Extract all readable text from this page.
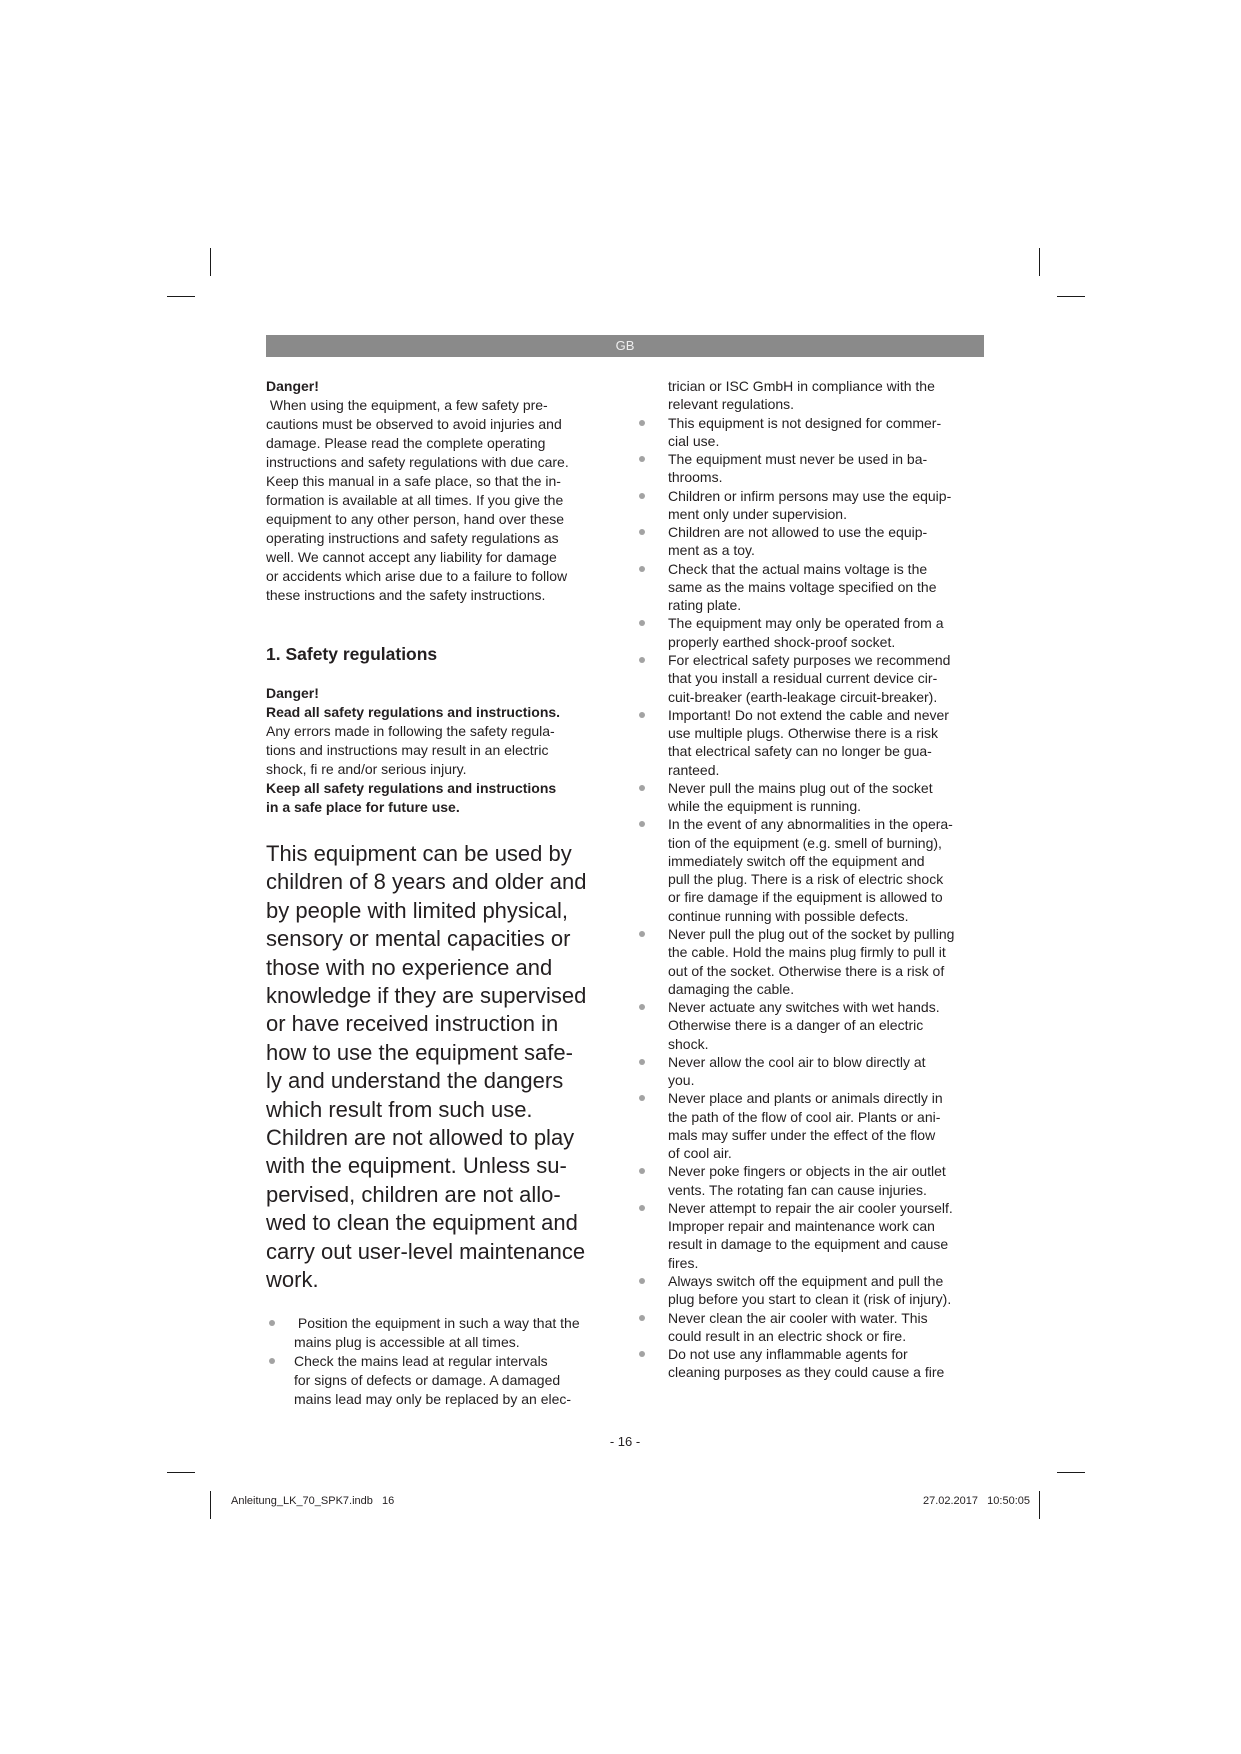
GB
Danger!
When using the equipment, a few safety pre-
cautions must be observed to avoid injuries and
damage. Please read the complete operating
instructions and safety regulations with due care.
Keep this manual in a safe place, so that the in-
formation is available at all times. If you give the
equipment to any other person, hand over these
operating instructions and safety regulations as
well. We cannot accept any liability for damage
or accidents which arise due to a failure to follow
these instructions and the safety instructions.
1. Safety regulations
Danger!
Read all safety regulations and instructions.
Any errors made in following the safety regula-
tions and instructions may result in an electric
shock, fi re and/or serious injury.
Keep all safety regulations and instructions
in a safe place for future use.
This equipment can be used by
children of 8 years and older and
by people with limited physical,
sensory or mental capacities or
those with no experience and
knowledge if they are supervised
or have received instruction in
how to use the equipment safe-
ly and understand the dangers
which result from such use.
Children are not allowed to play
with the equipment. Unless su-
pervised, children are not allo-
wed to clean the equipment and
carry out user-level maintenance
work.
Position the equipment in such a way that the
mains plug is accessible at all times.
Check the mains lead at regular intervals
for signs of defects or damage. A damaged
mains lead may only be replaced by an elec-
trician or ISC GmbH in compliance with the
relevant regulations.
This equipment is not designed for commer-
cial use.
The equipment must never be used in ba-
throoms.
Children or infirm persons may use the equip-
ment only under supervision.
Children are not allowed to use the equip-
ment as a toy.
Check that the actual mains voltage is the
same as the mains voltage specified on the
rating plate.
The equipment may only be operated from a
properly earthed shock-proof socket.
For electrical safety purposes we recommend
that you install a residual current device cir-
cuit-breaker (earth-leakage circuit-breaker).
Important! Do not extend the cable and never
use multiple plugs. Otherwise there is a risk
that electrical safety can no longer be gua-
ranteed.
Never pull the mains plug out of the socket
while the equipment is running.
In the event of any abnormalities in the opera-
tion of the equipment (e.g. smell of burning),
immediately switch off the equipment and
pull the plug. There is a risk of electric shock
or fire damage if the equipment is allowed to
continue running with possible defects.
Never pull the plug out of the socket by pulling
the cable. Hold the mains plug firmly to pull it
out of the socket. Otherwise there is a risk of
damaging the cable.
Never actuate any switches with wet hands.
Otherwise there is a danger of an electric
shock.
Never allow the cool air to blow directly at
you.
Never place and plants or animals directly in
the path of the flow of cool air. Plants or ani-
mals may suffer under the effect of the flow
of cool air.
Never poke fingers or objects in the air outlet
vents. The rotating fan can cause injuries.
Never attempt to repair the air cooler yourself.
Improper repair and maintenance work can
result in damage to the equipment and cause
fires.
Always switch off the equipment and pull the
plug before you start to clean it (risk of injury).
Never clean the air cooler with water. This
could result in an electric shock or fire.
Do not use any inflammable agents for
cleaning purposes as they could cause a fire
- 16 -
Anleitung_LK_70_SPK7.indb   16	27.02.2017   10:50:05
